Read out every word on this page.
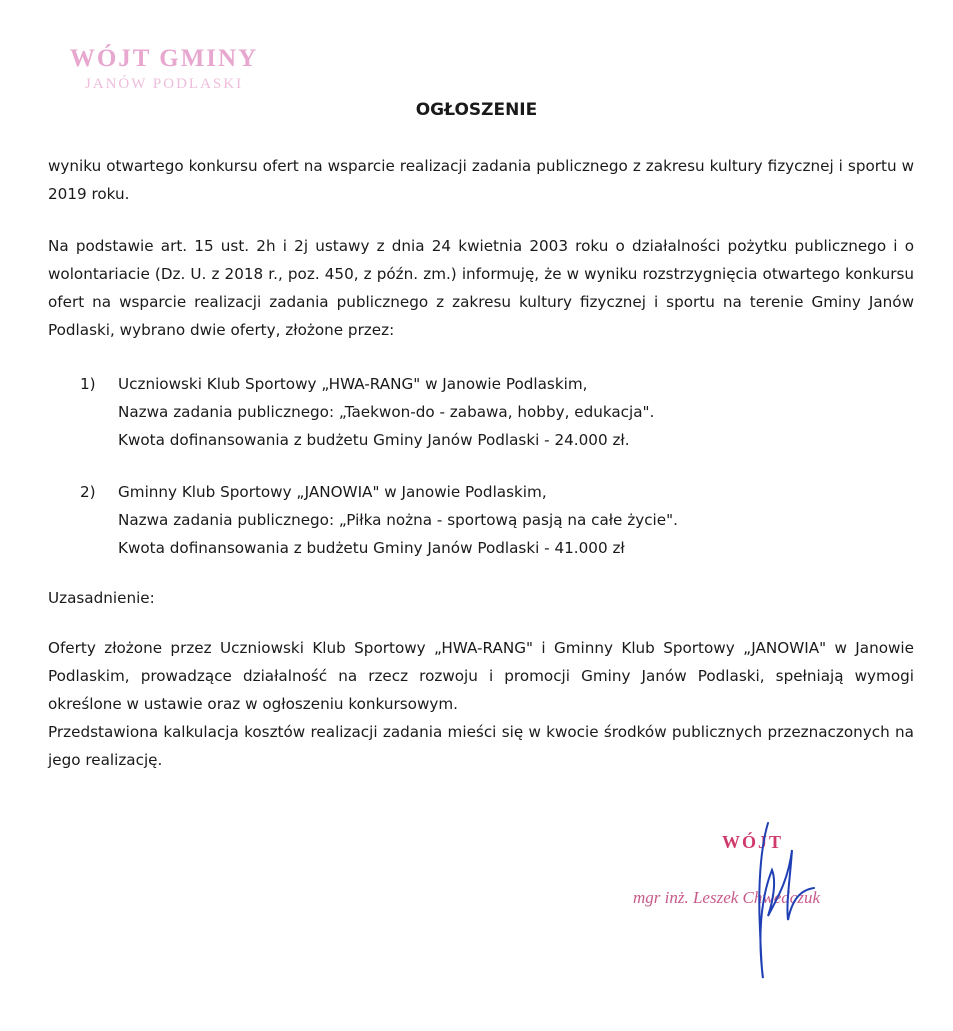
WÓJT GMINY
JANÓW PODLASKI
OGŁOSZENIE

wyniku otwartego konkursu ofert na wsparcie realizacji zadania publicznego z zakresu kultury fizycznej i sportu w 2019 roku.

Na podstawie art. 15 ust. 2h i 2j ustawy z dnia 24 kwietnia 2003 roku o działalności pożytku publicznego i o wolontariacie (Dz. U. z 2018 r., poz. 450, z późn. zm.) informuję, że w wyniku rozstrzygnięcia otwartego konkursu ofert na wsparcie realizacji zadania publicznego z zakresu kultury fizycznej i sportu na terenie Gminy Janów Podlaski, wybrano dwie oferty, złożone przez:

1) Uczniowski Klub Sportowy „HWA-RANG" w Janowie Podlaskim,
Nazwa zadania publicznego: „Taekwon-do - zabawa, hobby, edukacja".
Kwota dofinansowania z budżetu Gminy Janów Podlaski - 24.000 zł.
2) Gminny Klub Sportowy „JANOWIA" w Janowie Podlaskim,
Nazwa zadania publicznego: „Piłka nożna - sportową pasją na całe życie".
Kwota dofinansowania z budżetu Gminy Janów Podlaski - 41.000 zł

Uzasadnienie:

Oferty złożone przez Uczniowski Klub Sportowy „HWA-RANG" i Gminny Klub Sportowy „JANOWIA" w Janowie Podlaskim, prowadzące działalność na rzecz rozwoju i promocji Gminy Janów Podlaski, spełniają wymogi określone w ustawie oraz w ogłoszeniu konkursowym.

Przedstawiona kalkulacja kosztów realizacji zadania mieści się w kwocie środków publicznych przeznaczonych na jego realizację.

WÓJT
mgr inż. Leszek Chwedczuk
